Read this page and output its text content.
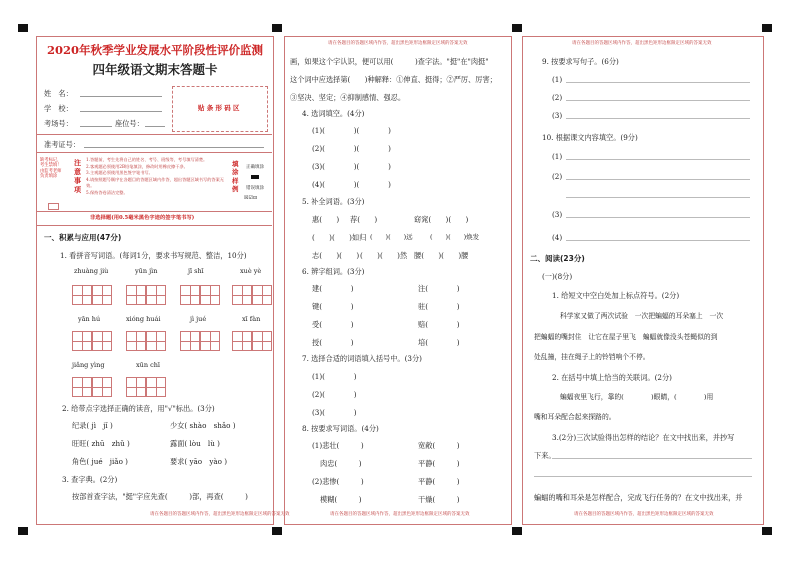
2020年秋季学业发展水平阶段性评价监测
四年级语文期末答题卡
姓　名：
学　校：
考场号：	座位号：
贴 条 形 码 区
准考证号：
缺考标记，考生禁填！由监考老师负责填涂
注意事项
1.答题前，考生先将自己的姓名、考号、班级等，考号填写清楚。
2.客观题必须使用2B铅笔填涂，修改时用橡皮擦干净。
3.主观题必须使用黑色签字笔书写。
4.请按照题号顺序在各题目的答题区域内作答，超出答题区域书写的答案无效。
5.保持答卷清洁完整。
填涂样例
正确填涂
错误填涂
☒☑⊡
非选择题(用0.5毫米黑色字迹的签字笔书写)
一、积累与应用(47分)
1. 看拼音写词语。(每词1分，要求书写规范、整洁，10分)
zhuàng jiù	yūn jìn	jī shī	xuè yè
yān hú	xióng huái	jì jué	xī fàn
jiǎng yìng	xūn chī
2. 给带点字选择正确的读音，用"√"标出。(3分)
纪录( jì　jǐ )	少女( shào　shǎo )
旺旺( zhū　zhǔ )	露面( lòu　lù )
角色( jué　jiǎo )	要求( yāo　yào )
3. 查字典。(2分)
按部首查字法，"挺"字应先查(　　　)部，再查(　　　)
请在各题目的答题区域内作答，超出黑色矩形边框限定区域的答案无效
请在各题目的答题区域内作答，超出黑色矩形边框限定区域的答案无效
画，如果这个字认识，便可以用(　　　)查字法。"挺"在"肉挺"
这个词中应选择第(　　)种解释：①伸直、挺得；②严厉、厉害；
③坚决、坚定；④抑制感情、强忍。
4. 选词填空。(4分)
(1)(　　　　)(　　　　)
(2)(　　　　)(　　　　)
(3)(　　　　)(　　　　)
(4)(　　　　)(　　　　)
5. 补全词语。(3分)
惠(　　) 荐(　　)	窈窕(　　)(　　)
(　　)(　　)如归 (　　)(　　)远	(　　)(　　)焕发
志(　　)(　　) (　　)(　　)然 腰(　　)(　　)腰
6. 辨字组词。(3分)
建(　　　　)	注(　　　　)
键(　　　　)	驻(　　　　)
受(　　　　)	赔(　　　　)
授(　　　　)	培(　　　　)
7. 选择合适的词语填入括号中。(3分)
(1)(　　　　)
(2)(　　　　)
(3)(　　　　)
8. 按要求写词语。(4分)
(1)悲壮(　　　)	宽敞(　　　)
肉忠(　　　)	平静(　　　)
(2)悲惨(　　　)	平静(　　　)
模糊(　　　)	干燥(　　　)
请在各题目的答题区域内作答，超出黑色矩形边框限定区域的答案无效
请在各题目的答题区域内作答，超出黑色矩形边框限定区域的答案无效
9. 按要求写句子。(6分)
(1)
(2)
(3)
10. 根据课文内容填空。(9分)
(1)
(2)
(3)
(4)
二、阅读(23分)
(一)(8分)
1. 给短文中空白处加上标点符号。(2分)
科学家又做了两次试验　一次把蝙蝠的耳朵塞上　一次
把蝙蝠的嘴封住　让它在屋子里飞　蝙蝠就像没头苍蝇似的到
处乱撞，挂在绳子上的铃铛响个不停。
2. 在括号中填上恰当的关联词。(2分)
蝙蝠夜里飞行，靠的(　　　　)眼睛，(　　　　)用
嘴和耳朵配合起来探路的。
3.(2分)三次试验得出怎样的结论？在文中找出来，并抄写
下来。
蝙蝠的嘴和耳朵是怎样配合，完成飞行任务的？在文中找出来，并
请在各题目的答题区域内作答，超出黑色矩形边框限定区域的答案无效
